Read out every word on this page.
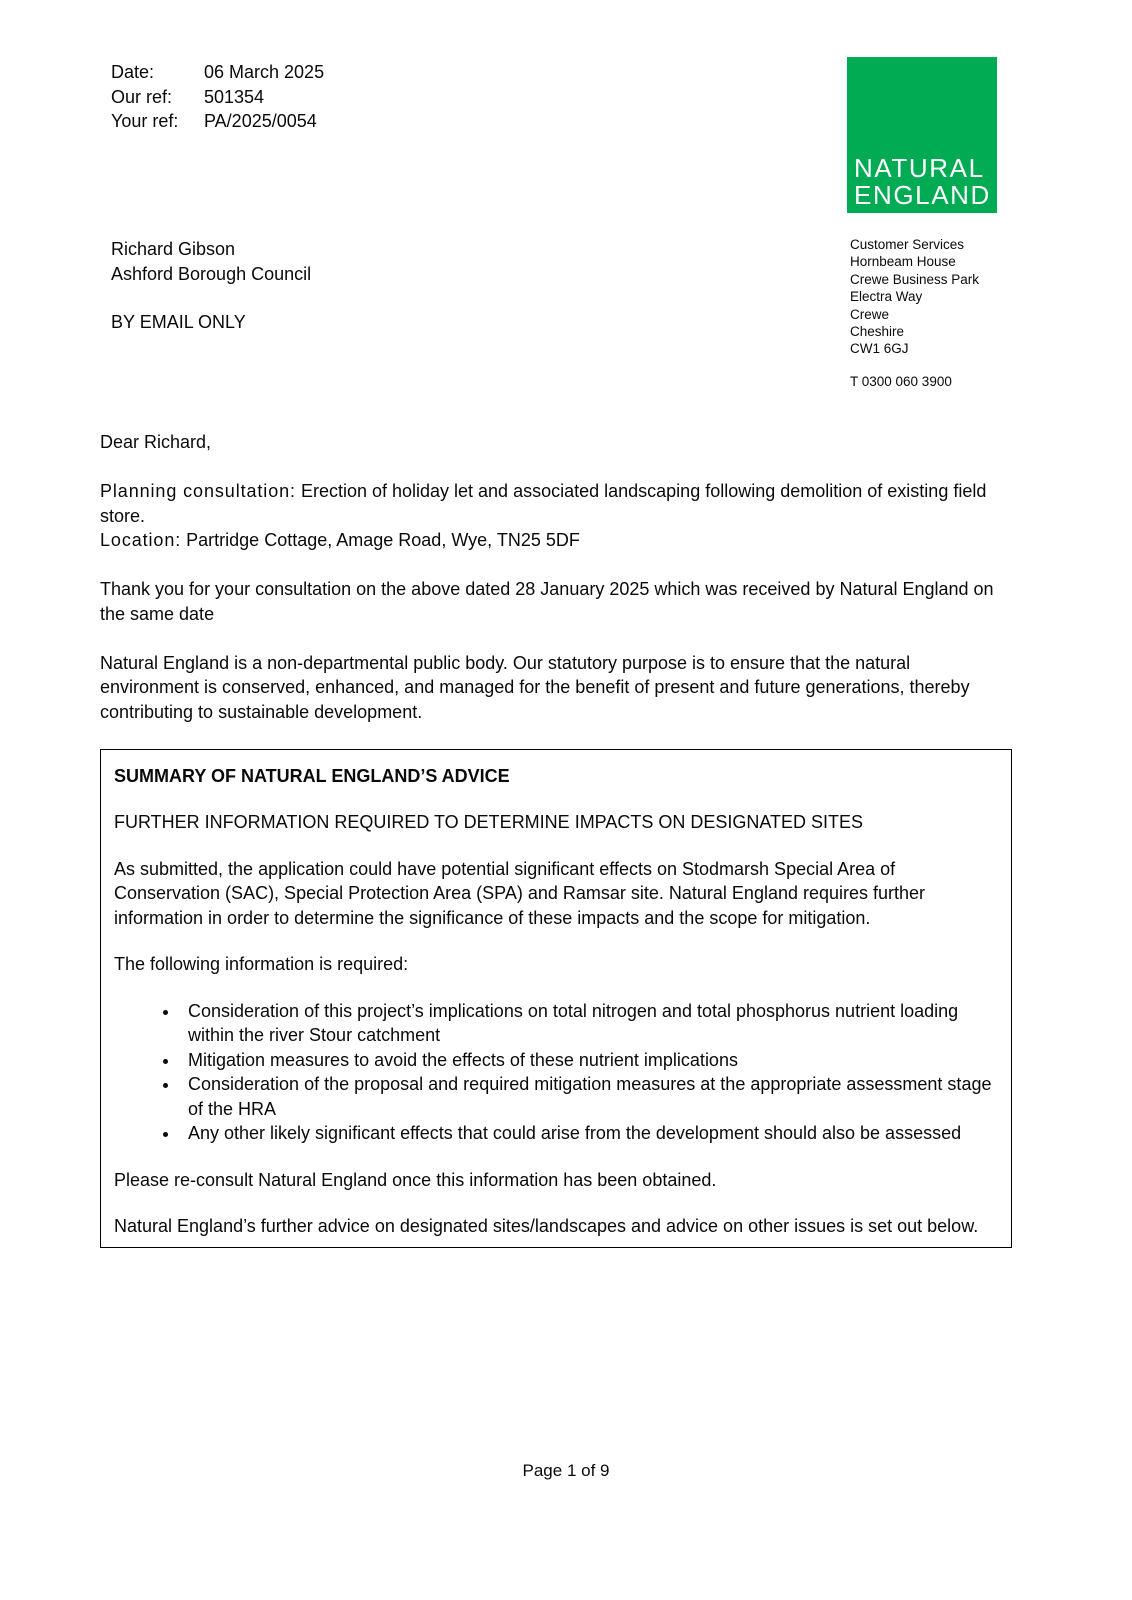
Date:	06 March 2025
Our ref:	501354
Your ref:	PA/2025/0054
NATURAL
ENGLAND
Customer Services
Hornbeam House
Crewe Business Park
Electra Way
Crewe
Cheshire
CW1 6GJ
T 0300 060 3900
Richard Gibson
Ashford Borough Council
BY EMAIL ONLY

Dear Richard,

Planning consultation: Erection of holiday let and associated landscaping following demolition of existing field store.
Location: Partridge Cottage, Amage Road, Wye, TN25 5DF

Thank you for your consultation on the above dated 28 January 2025 which was received by Natural England on the same date

Natural England is a non-departmental public body. Our statutory purpose is to ensure that the natural environment is conserved, enhanced, and managed for the benefit of present and future generations, thereby contributing to sustainable development.

SUMMARY OF NATURAL ENGLAND’S ADVICE

FURTHER INFORMATION REQUIRED TO DETERMINE IMPACTS ON DESIGNATED SITES

As submitted, the application could have potential significant effects on Stodmarsh Special Area of Conservation (SAC), Special Protection Area (SPA) and Ramsar site. Natural England requires further information in order to determine the significance of these impacts and the scope for mitigation.

The following information is required:

• Consideration of this project’s implications on total nitrogen and total phosphorus nutrient loading within the river Stour catchment
• Mitigation measures to avoid the effects of these nutrient implications
• Consideration of the proposal and required mitigation measures at the appropriate assessment stage of the HRA
• Any other likely significant effects that could arise from the development should also be assessed

Please re-consult Natural England once this information has been obtained.

Natural England’s further advice on designated sites/landscapes and advice on other issues is set out below.

Page 1 of 9
